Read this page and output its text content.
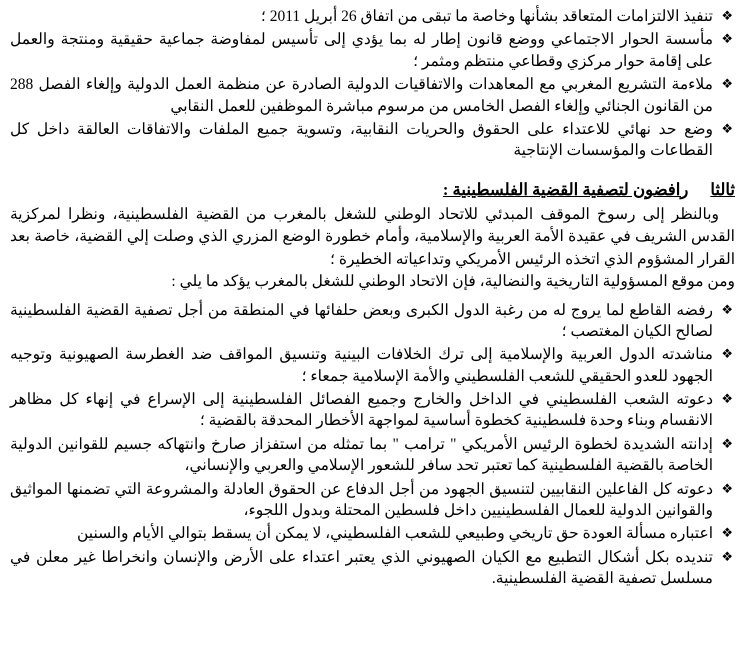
❖
تنفيذ الالتزامات المتعاقد بشأنها وخاصة ما تبقى من اتفاق 26 أبريل 2011 ؛
❖
مأسسة الحوار الاجتماعي ووضع قانون إطار له بما يؤدي إلى تأسيس لمفاوضة جماعية حقيقية ومنتجة والعمل على إقامة حوار مركزي وقطاعي منتظم ومثمر ؛
❖
ملاءمة التشريع المغربي مع المعاهدات والاتفاقيات الدولية الصادرة عن منظمة العمل الدولية وإلغاء الفصل 288 من القانون الجنائي وإلغاء الفصل الخامس من مرسوم مباشرة الموظفين للعمل النقابي
❖
وضع حد نهائي للاعتداء على الحقوق والحريات النقابية، وتسوية جميع الملفات والاتفاقات العالقة داخل كل القطاعات والمؤسسات الإنتاجية
ثالثا رافضون لتصفية القضية الفلسطينية :

وبالنظر إلى رسوخ الموقف المبدئي للاتحاد الوطني للشغل بالمغرب من القضية الفلسطينية، ونظرا لمركزية القدس الشريف في عقيدة الأمة العربية والإسلامية، وأمام خطورة الوضع المزري الذي وصلت إلي القضية، خاصة بعد القرار المشؤوم الذي اتخذه الرئيس الأمريكي وتداعياته الخطيرة ؛

ومن موقع المسؤولية التاريخية والنضالية، فإن الاتحاد الوطني للشغل بالمغرب يؤكد ما يلي :

❖
رفضه القاطع لما يروج له من رغبة الدول الكبرى وبعض حلفائها في المنطقة من أجل تصفية القضية الفلسطينية لصالح الكيان المغتصب ؛
❖
مناشدته الدول العربية والإسلامية إلى ترك الخلافات البينية وتنسيق المواقف ضد الغطرسة الصهيونية وتوجيه الجهود للعدو الحقيقي للشعب الفلسطيني والأمة الإسلامية جمعاء ؛
❖
دعوته الشعب الفلسطيني في الداخل والخارج وجميع الفصائل الفلسطينية إلى الإسراع في إنهاء كل مظاهر الانقسام وبناء وحدة فلسطينية كخطوة أساسية لمواجهة الأخطار المحدقة بالقضية ؛
❖
إدانته الشديدة لخطوة الرئيس الأمريكي " ترامب " بما تمثله من استفزاز صارخ وانتهاكه جسيم للقوانين الدولية الخاصة بالقضية الفلسطينية كما تعتبر تحد سافر للشعور الإسلامي والعربي والإنساني،
❖
دعوته كل الفاعلين النقابيين لتنسيق الجهود من أجل الدفاع عن الحقوق العادلة والمشروعة التي تضمنها المواثيق والقوانين الدولية للعمال الفلسطينيين داخل فلسطين المحتلة وبدول اللجوء،
❖
اعتباره مسألة العودة حق تاريخي وطبيعي للشعب الفلسطيني، لا يمكن أن يسقط بتوالي الأيام والسنين
❖
تنديده بكل أشكال التطبيع مع الكيان الصهيوني الذي يعتبر اعتداء على الأرض والإنسان وانخراطا غير معلن في مسلسل تصفية القضية الفلسطينية.
